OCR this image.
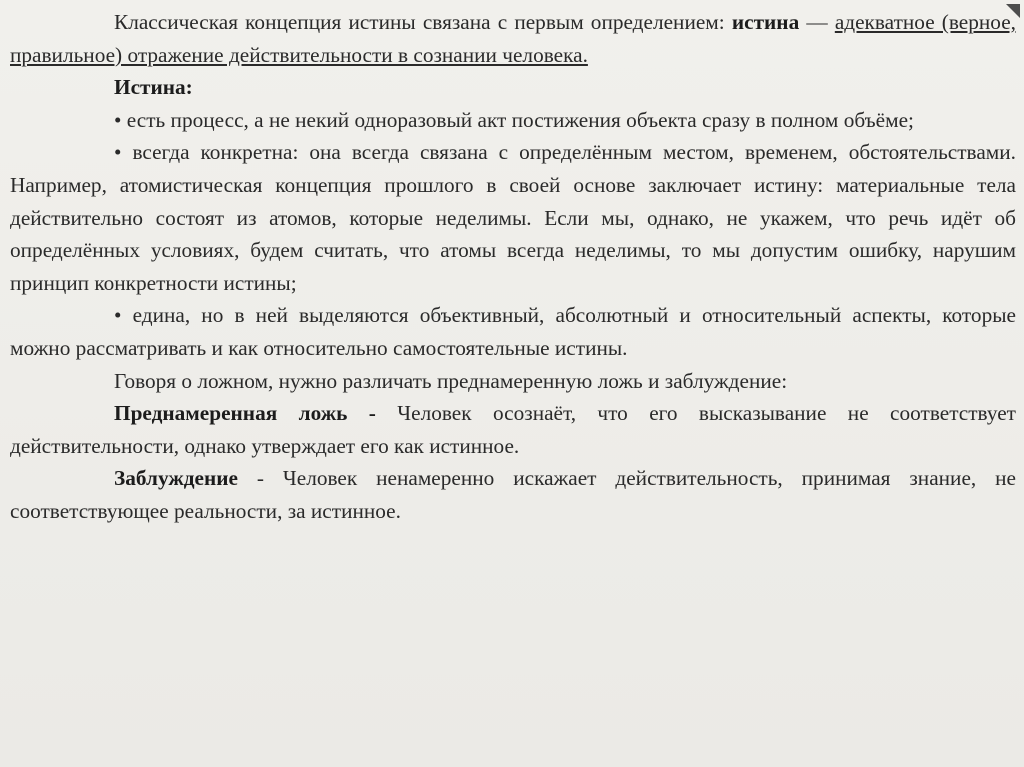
Классическая концепция истины связана с первым определением: истина — адекватное (верное, правильное) отражение действительности в сознании человека.

Истина:

• есть процесс, а не некий одноразовый акт постижения объекта сразу в полном объёме;

• всегда конкретна: она всегда связана с определённым местом, временем, обстоятельствами. Например, атомистическая концепция прошлого в своей основе заключает истину: материальные тела действительно состоят из атомов, которые неделимы. Если мы, однако, не укажем, что речь идёт об определённых условиях, будем считать, что атомы всегда неделимы, то мы допустим ошибку, нарушим принцип конкретности истины;

• едина, но в ней выделяются объективный, абсолютный и относительный аспекты, которые можно рассматривать и как относительно самостоятельные истины.

Говоря о ложном, нужно различать преднамеренную ложь и заблуждение:

Преднамеренная ложь - Человек осознаёт, что его высказывание не соответствует действительности, однако утверждает его как истинное.

Заблуждение - Человек ненамеренно искажает действительность, принимая знание, не соответствующее реальности, за истинное.
